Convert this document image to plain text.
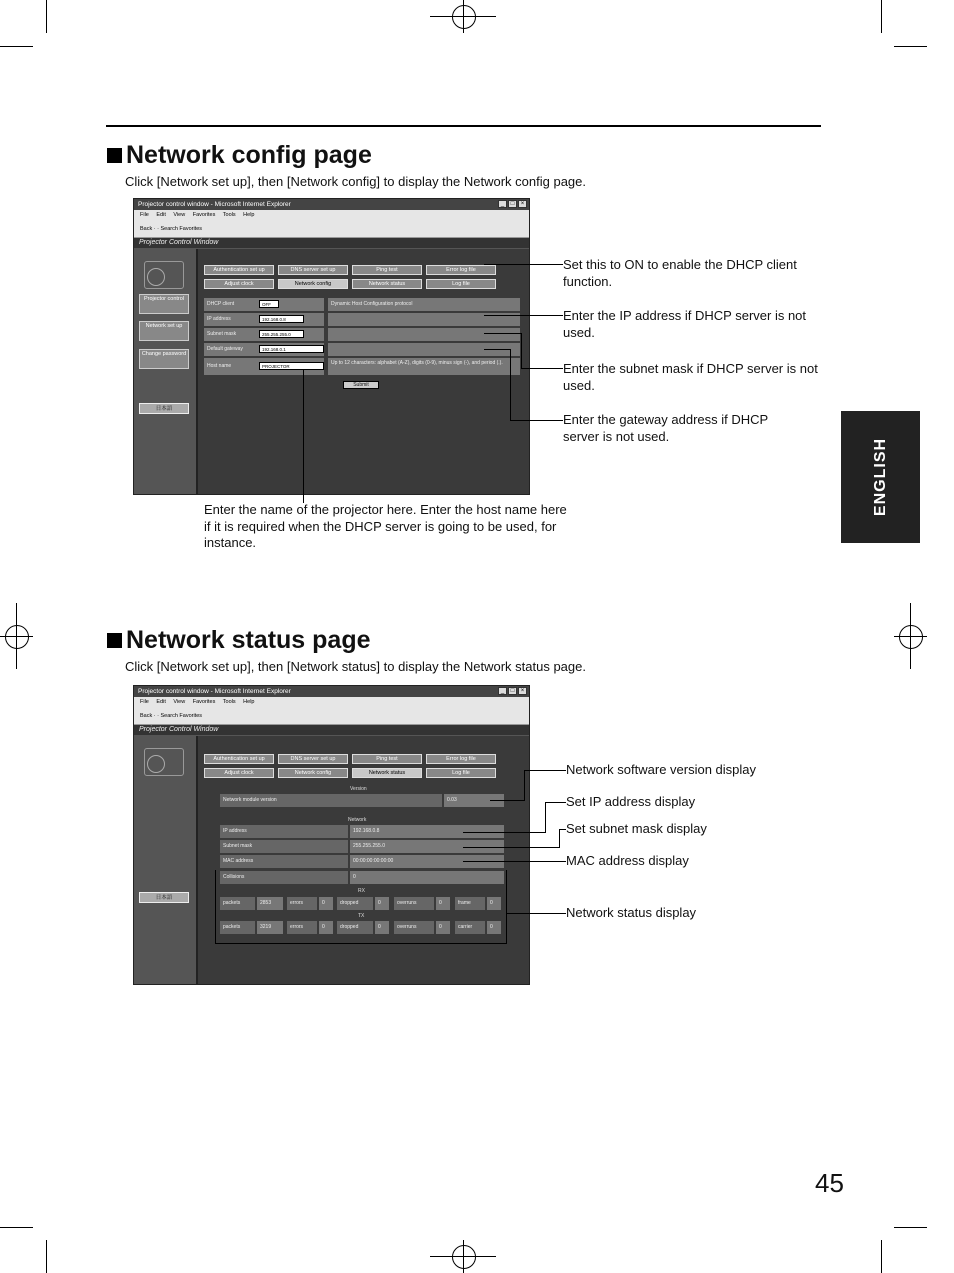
Network config page
Click [Network set up], then [Network config] to display the Network config page.
Projector control window - Microsoft Internet Explorer	_	□	×
File Edit View Favorites Tools Help
Back · · Search Favorites
Projector Control Window
Projector control
Network set up
Change password
日本語
Authentication set up	DNS server set up	Ping test	Error log file
Adjust clock	Network config	Network status	Log file
DHCP client	OFF	Dynamic Host Configuration protocol
IP address	192.168.0.8
Subnet mask	255.255.255.0
Default gateway	192.168.0.1
Host name	PROJECTOR
Up to 12 characters: alphabet (A-Z), digits (0-9), minus sign (-), and period (.).
Submit
Set this to ON to enable the DHCP client function.
Enter the IP address if DHCP server is not used.
Enter the subnet mask if DHCP server is not used.
Enter the gateway address if DHCP server is not used.
Enter the name of the projector here. Enter the host name here if it is required when the DHCP server is going to be used, for instance.
Network status page
Click [Network set up], then [Network status] to display the Network status page.
Projector control window - Microsoft Internet Explorer	_	□	×
File Edit View Favorites Tools Help
Back · · Search Favorites
Projector Control Window
日本語
Authentication set up	DNS server set up	Ping test	Error log file
Adjust clock	Network config	Network status	Log file
Version
Network module version	0.03
Network
IP address	192.168.0.8
Subnet mask	255.255.255.0
MAC address	00:00:00:00:00:00
Collisions	0
RX
packets	2853	errors	0	dropped	0	overruns	0	frame	0
TX
packets	3219	errors	0	dropped	0	overruns	0	carrier	0
Network software version display
Set IP address display
Set subnet mask display
MAC address display
Network status display
ENGLISH
45
